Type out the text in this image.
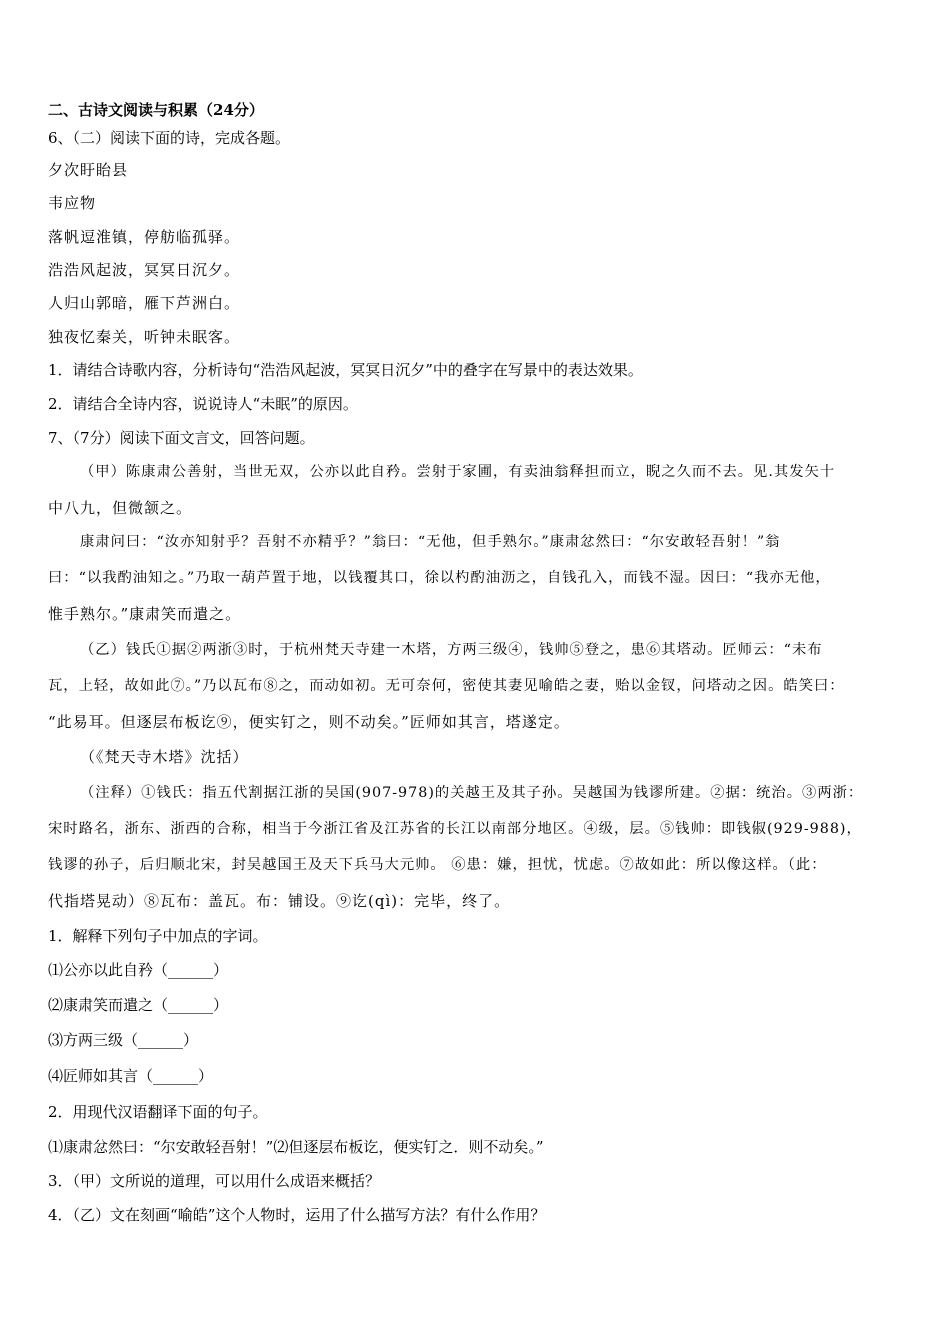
二、古诗文阅读与积累（24分）
6、（二）阅读下面的诗，完成各题。
夕次盱眙县
韦应物
落帆逗淮镇，停舫临孤驿。
浩浩风起波，冥冥日沉夕。
人归山郭暗，雁下芦洲白。
独夜忆秦关，听钟未眠客。
1．请结合诗歌内容，分析诗句“浩浩风起波，冥冥日沉夕”中的叠字在写景中的表达效果。
2．请结合全诗内容，说说诗人“未眠”的原因。
7、（7分）阅读下面文言文，回答问题。
（甲）陈康肃公善射，当世无双，公亦以此自矜。尝射于家圃，有卖油翁释担而立，睨之久而不去。见.其发矢十
中八九，但微颔之。
康肃问曰：“汝亦知射乎？吾射不亦精乎？”翁曰：“无他，但手熟尔。”康肃忿然曰：“尔安敢轻吾射！”翁
曰：“以我酌油知之。”乃取一葫芦置于地，以钱覆其口，徐以杓酌油沥之，自钱孔入，而钱不湿。因曰：“我亦无他，
惟手熟尔。”康肃笑而遣之。
（乙）钱氏①据②两浙③时，于杭州梵天寺建一木塔，方两三级④，钱帅⑤登之，患⑥其塔动。匠师云：“未布
瓦，上轻，故如此⑦。”乃以瓦布⑧之，而动如初。无可奈何，密使其妻见喻皓之妻，贻以金钗，问塔动之因。皓笑曰：
“此易耳。但逐层布板讫⑨，便实钉之，则不动矣。”匠师如其言，塔遂定。
（《梵天寺木塔》沈括）
（注释）①钱氏：指五代割据江浙的吴国(907-978)的关越王及其子孙。吴越国为钱谬所建。②据：统治。③两浙：
宋时路名，浙东、浙西的合称，相当于今浙江省及江苏省的长江以南部分地区。④级，层。⑤钱帅：即钱俶(929-988)，
钱谬的孙子，后归顺北宋，封吴越国王及天下兵马大元帅。 ⑥患：嫌，担忧，忧虑。⑦故如此：所以像这样。（此：
代指塔晃动）⑧瓦布：盖瓦。布：铺设。⑨讫(qì)：完毕，终了。
1．解释下列句子中加点的字词。
⑴公亦以此自矜（______）
⑵康肃笑而遣之（______）
⑶方两三级（______）
⑷匠师如其言（______）
2．用现代汉语翻译下面的句子。
⑴康肃忿然曰：“尔安敢轻吾射！”⑵但逐层布板讫，便实钉之．则不动矣。”
3．（甲）文所说的道理，可以用什么成语来概括？
4．（乙）文在刻画“喻皓”这个人物时，运用了什么描写方法？有什么作用？
